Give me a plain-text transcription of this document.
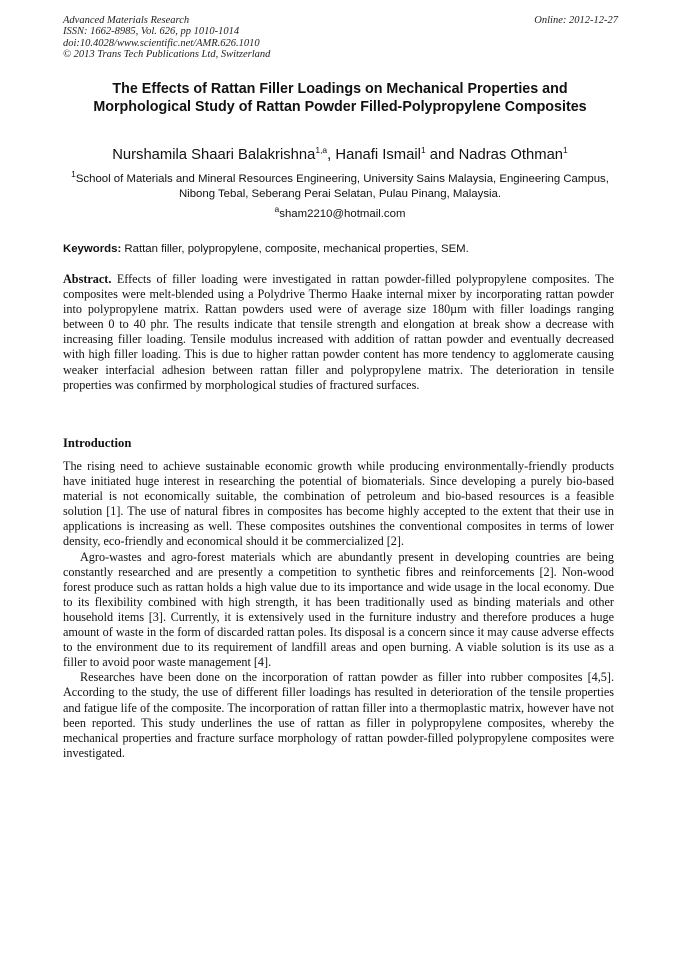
Advanced Materials Research
ISSN: 1662-8985, Vol. 626, pp 1010-1014
doi:10.4028/www.scientific.net/AMR.626.1010
© 2013 Trans Tech Publications Ltd, Switzerland
Online: 2012-12-27
The Effects of Rattan Filler Loadings on Mechanical Properties and Morphological Study of Rattan Powder Filled-Polypropylene Composites
Nurshamila Shaari Balakrishna$^{1,a}$, Hanafi Ismail$^1$ and Nadras Othman$^1$
$^1$School of Materials and Mineral Resources Engineering, University Sains Malaysia, Engineering Campus, Nibong Tebal, Seberang Perai Selatan, Pulau Pinang, Malaysia.
$^a$sham2210@hotmail.com
Keywords: Rattan filler, polypropylene, composite, mechanical properties, SEM.

Abstract. Effects of filler loading were investigated in rattan powder-filled polypropylene composites. The composites were melt-blended using a Polydrive Thermo Haake internal mixer by incorporating rattan powder into polypropylene matrix. Rattan powders used were of average size 180µm with filler loadings ranging between 0 to 40 phr. The results indicate that tensile strength and elongation at break show a decrease with increasing filler loading. Tensile modulus increased with addition of rattan powder and eventually decreased with high filler loading. This is due to higher rattan powder content has more tendency to agglomerate causing weaker interfacial adhesion between rattan filler and polypropylene matrix. The deterioration in tensile properties was confirmed by morphological studies of fractured surfaces.

Introduction

The rising need to achieve sustainable economic growth while producing environmentally-friendly products have initiated huge interest in researching the potential of biomaterials. Since developing a purely bio-based material is not economically suitable, the combination of petroleum and bio-based resources is a feasible solution [1]. The use of natural fibres in composites has become highly accepted to the extent that their use in applications is increasing as well. These composites outshines the conventional composites in terms of lower density, eco-friendly and economical should it be commercialized [2].

Agro-wastes and agro-forest materials which are abundantly present in developing countries are being constantly researched and are presently a competition to synthetic fibres and reinforcements [2]. Non-wood forest produce such as rattan holds a high value due to its importance and wide usage in the local economy. Due to its flexibility combined with high strength, it has been traditionally used as binding materials and other household items [3]. Currently, it is extensively used in the furniture industry and therefore produces a huge amount of waste in the form of discarded rattan poles. Its disposal is a concern since it may cause adverse effects to the environment due to its requirement of landfill areas and open burning. A viable solution is its use as a filler to avoid poor waste management [4].

Researches have been done on the incorporation of rattan powder as filler into rubber composites [4,5]. According to the study, the use of different filler loadings has resulted in deterioration of the tensile properties and fatigue life of the composite. The incorporation of rattan filler into a thermoplastic matrix, however have not been reported. This study underlines the use of rattan as filler in polypropylene composites, whereby the mechanical properties and fracture surface morphology of rattan powder-filled polypropylene composites were investigated.
